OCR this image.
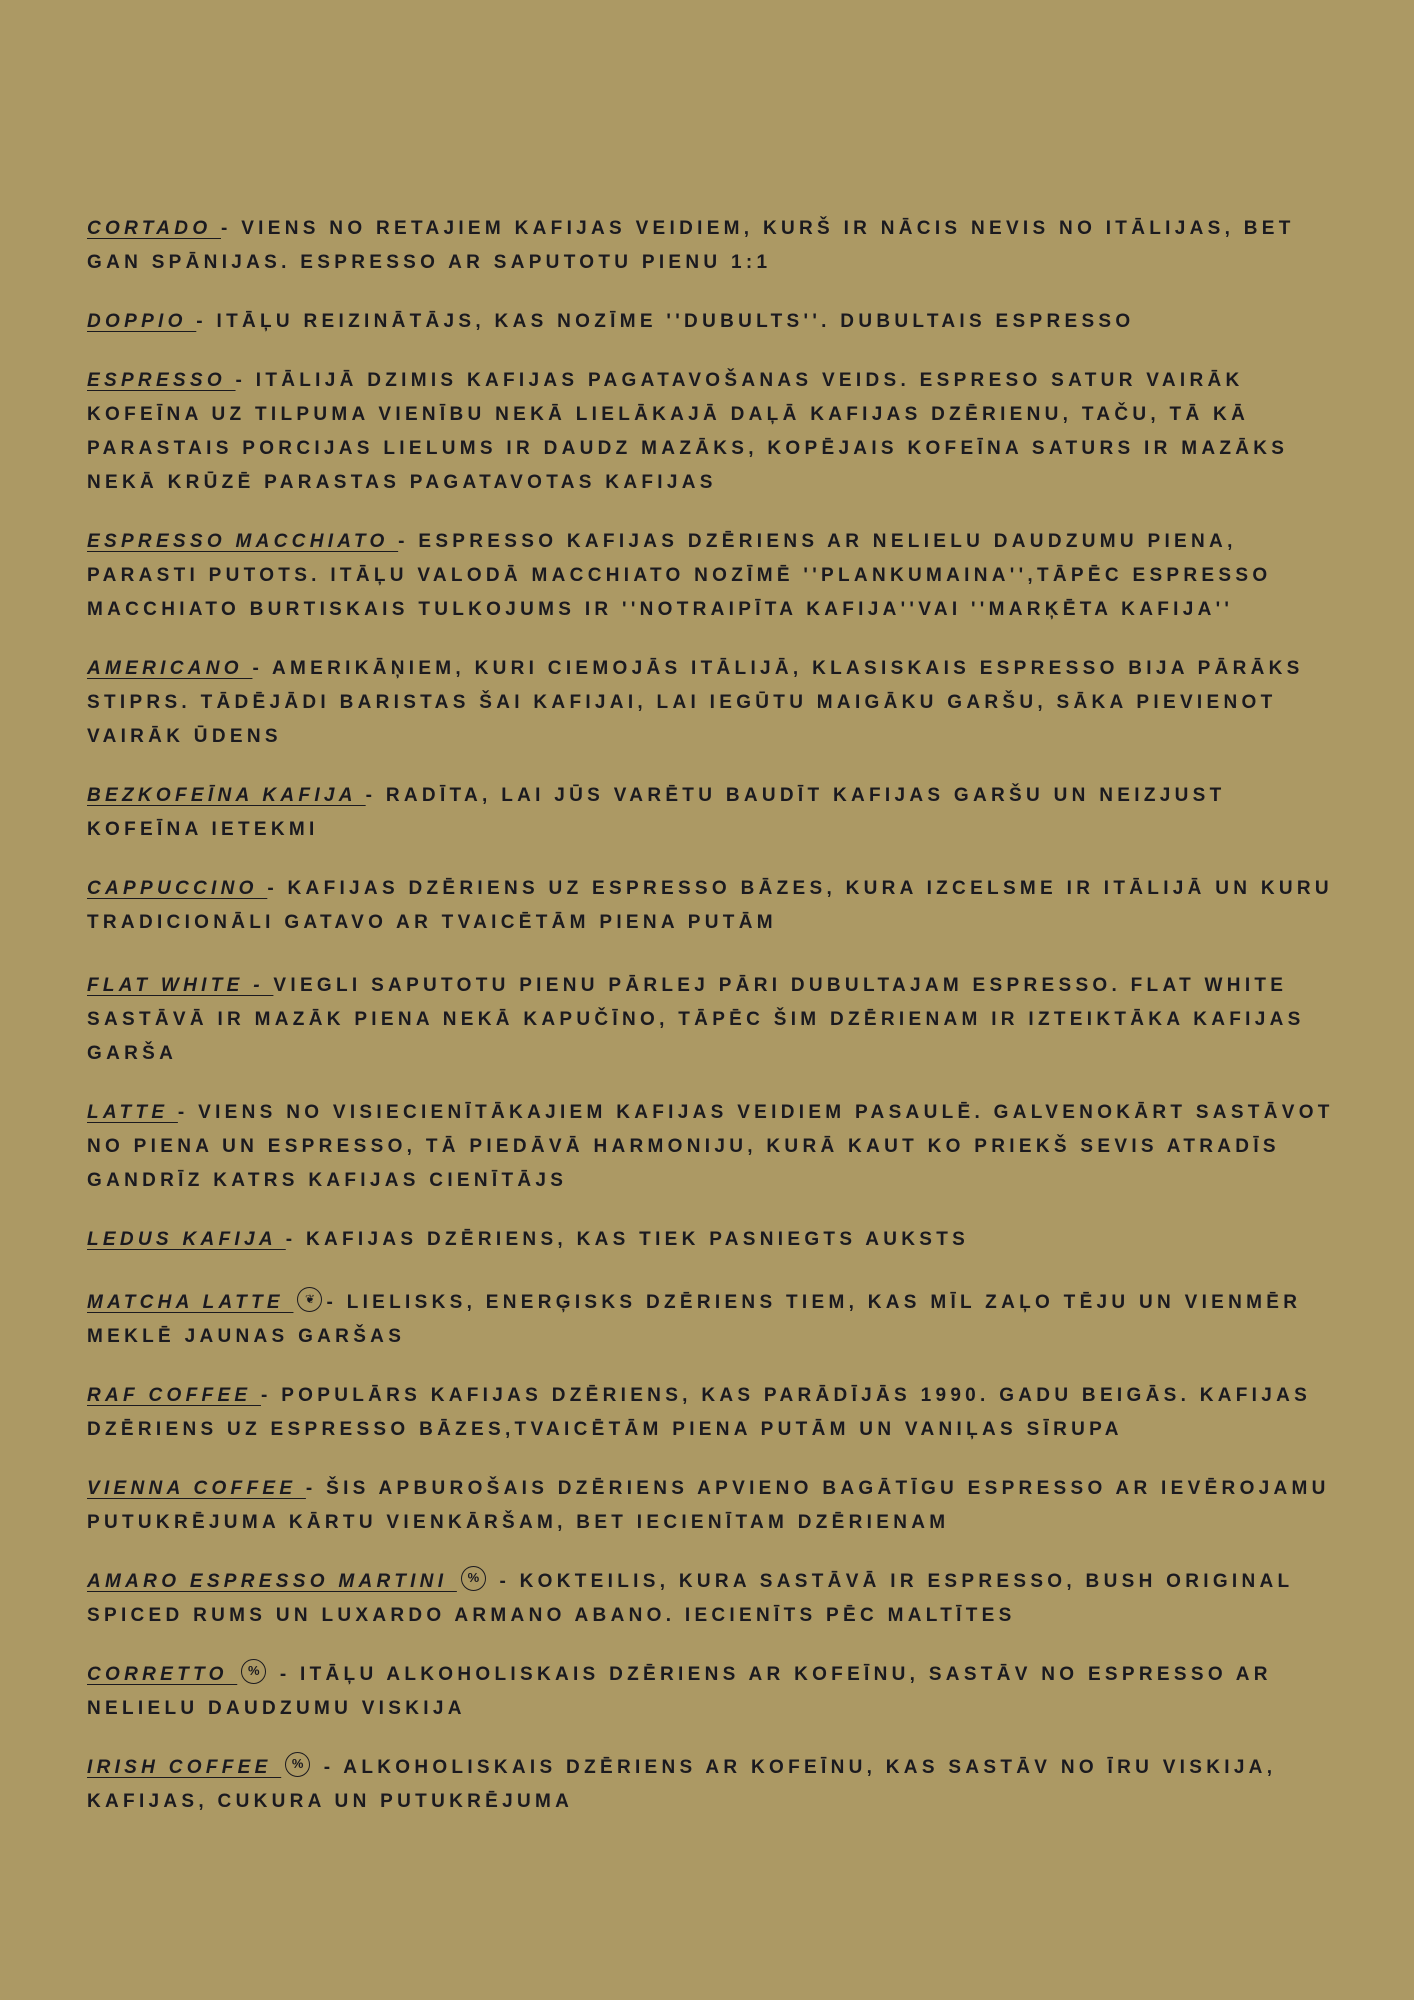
CORTADO - VIENS NO RETAJIEM KAFIJAS VEIDIEM, KURŠ IR NĀCIS NEVIS NO ITĀLIJAS, BET GAN SPĀNIJAS. ESPRESSO AR SAPUTOTU PIENU 1:1

DOPPIO - ITĀĻU REIZINĀTĀJS, KAS NOZĪME ''DUBULTS''. DUBULTAIS ESPRESSO

ESPRESSO - ITĀLIJĀ DZIMIS KAFIJAS PAGATAVOŠANAS VEIDS. ESPRESO SATUR VAIRĀK KOFEĪNA UZ TILPUMA VIENĪBU NEKĀ LIELĀKAJĀ DAĻĀ KAFIJAS DZĒRIENU, TAČU, TĀ KĀ PARASTAIS PORCIJAS LIELUMS IR DAUDZ MAZĀKS, KOPĒJAIS KOFEĪNA SATURS IR MAZĀKS NEKĀ KRŪZĒ PARASTAS PAGATAVOTAS KAFIJAS

ESPRESSO MACCHIATO - ESPRESSO KAFIJAS DZĒRIENS AR NELIELU DAUDZUMU PIENA, PARASTI PUTOTS. ITĀĻU VALODĀ MACCHIATO NOZĪMĒ ''PLANKUMAINA'',TĀPĒC ESPRESSO MACCHIATO BURTISKAIS TULKOJUMS IR ''NOTRAIPĪTA KAFIJA''VAI ''MARĶĒTA KAFIJA''

AMERICANO - AMERIKĀŅIEM, KURI CIEMOJĀS ITĀLIJĀ, KLASISKAIS ESPRESSO BIJA PĀRĀKS STIPRS. TĀDĒJĀDI BARISTAS ŠAI KAFIJAI, LAI IEGŪTU MAIGĀKU GARŠU, SĀKA PIEVIENOT VAIRĀK ŪDENS

BEZKOFEĪNA KAFIJA - RADĪTA, LAI JŪS VARĒTU BAUDĪT KAFIJAS GARŠU UN NEIZJUST KOFEĪNA IETEKMI

CAPPUCCINO - KAFIJAS DZĒRIENS UZ ESPRESSO BĀZES, KURA IZCELSME IR ITĀLIJĀ UN KURU TRADICIONĀLI GATAVO AR TVAICĒTĀM PIENA PUTĀM

FLAT WHITE - VIEGLI SAPUTOTU PIENU PĀRLEJ PĀRI DUBULTAJAM ESPRESSO. FLAT WHITE SASTĀVĀ IR MAZĀK PIENA NEKĀ KAPUČĪNO, TĀPĒC ŠIM DZĒRIENAM IR IZTEIKTĀKA KAFIJAS GARŠA

LATTE - VIENS NO VISIECIENĪTĀKAJIEM KAFIJAS VEIDIEM PASAULĒ. GALVENOKĀRT SASTĀVOT NO PIENA UN ESPRESSO, TĀ PIEDĀVĀ HARMONIJU, KURĀ KAUT KO PRIEKŠ SEVIS ATRADĪS GANDRĪZ KATRS KAFIJAS CIENĪTĀJS

LEDUS KAFIJA - KAFIJAS DZĒRIENS, KAS TIEK PASNIEGTS AUKSTS

MATCHA LATTE ❦ - LIELISKS, ENERĢISKS DZĒRIENS TIEM, KAS MĪL ZAĻO TĒJU UN VIENMĒR MEKLĒ JAUNAS GARŠAS

RAF COFFEE - POPULĀRS KAFIJAS DZĒRIENS, KAS PARĀDĪJĀS 1990. GADU BEIGĀS. KAFIJAS DZĒRIENS UZ ESPRESSO BĀZES,TVAICĒTĀM PIENA PUTĀM UN VANIĻAS SĪRUPA

VIENNA COFFEE - ŠIS APBUROŠAIS DZĒRIENS APVIENO BAGĀTĪGU ESPRESSO AR IEVĒROJAMU PUTUKRĒJUMA KĀRTU VIENKĀRŠAM, BET IECIENĪTAM DZĒRIENAM

AMARO ESPRESSO MARTINI % - KOKTEILIS, KURA SASTĀVĀ IR ESPRESSO, BUSH ORIGINAL SPICED RUMS UN LUXARDO ARMANO ABANO. IECIENĪTS PĒC MALTĪTES

CORRETTO % - ITĀĻU ALKOHOLISKAIS DZĒRIENS AR KOFEĪNU, SASTĀV NO ESPRESSO AR NELIELU DAUDZUMU VISKIJA

IRISH COFFEE % - ALKOHOLISKAIS DZĒRIENS AR KOFEĪNU, KAS SASTĀV NO ĪRU VISKIJA, KAFIJAS, CUKURA UN PUTUKRĒJUMA
